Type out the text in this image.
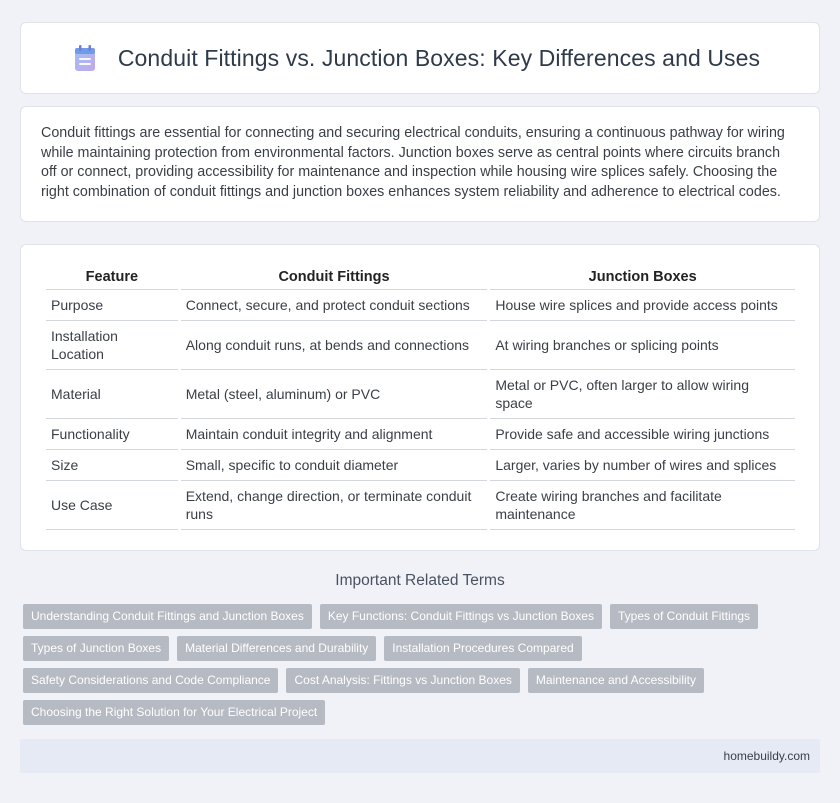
Conduit Fittings vs. Junction Boxes: Key Differences and Uses

Conduit fittings are essential for connecting and securing electrical conduits, ensuring a continuous pathway for wiring while maintaining protection from environmental factors. Junction boxes serve as central points where circuits branch off or connect, providing accessibility for maintenance and inspection while housing wire splices safely. Choosing the right combination of conduit fittings and junction boxes enhances system reliability and adherence to electrical codes.

Feature	Conduit Fittings	Junction Boxes
Purpose	Connect, secure, and protect conduit sections	House wire splices and provide access points
Installation Location	Along conduit runs, at bends and connections	At wiring branches or splicing points
Material	Metal (steel, aluminum) or PVC	Metal or PVC, often larger to allow wiring space
Functionality	Maintain conduit integrity and alignment	Provide safe and accessible wiring junctions
Size	Small, specific to conduit diameter	Larger, varies by number of wires and splices
Use Case	Extend, change direction, or terminate conduit runs	Create wiring branches and facilitate maintenance
Important Related Terms
Understanding Conduit Fittings and Junction Boxes	Key Functions: Conduit Fittings vs Junction Boxes	Types of Conduit Fittings
Types of Junction Boxes	Material Differences and Durability	Installation Procedures Compared
Safety Considerations and Code Compliance	Cost Analysis: Fittings vs Junction Boxes	Maintenance and Accessibility
Choosing the Right Solution for Your Electrical Project
homebuildy.com
